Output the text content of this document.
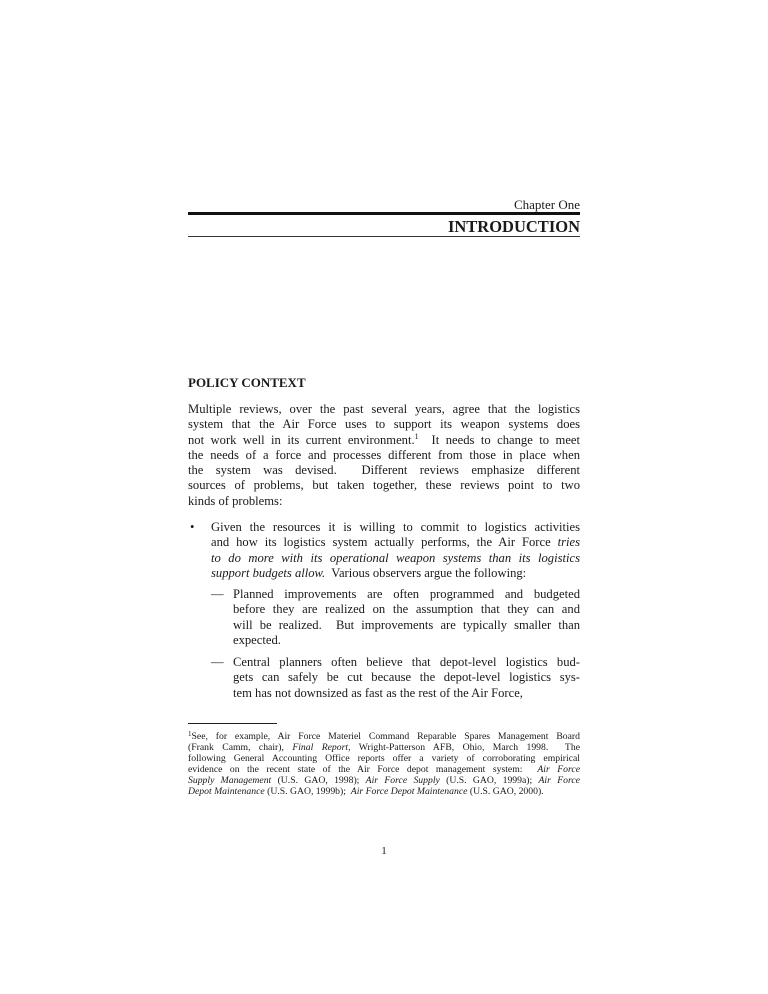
Chapter One
INTRODUCTION
POLICY CONTEXT
Multiple reviews, over the past several years, agree that the logistics
system that the Air Force uses to support its weapon systems does
not work well in its current environment.$^1$  It needs to change to meet
the needs of a force and processes different from those in place when
the system was devised.  Different reviews emphasize different
sources of problems, but taken together, these reviews point to two
kinds of problems:
• Given the resources it is willing to commit to logistics activities
and how its logistics system actually performs, the Air Force tries
to do more with its operational weapon systems than its logistics
support budgets allow.  Various observers argue the following:
— Planned improvements are often programmed and budgeted
before they are realized on the assumption that they can and
will be realized.  But improvements are typically smaller than
expected.
— Central planners often believe that depot-level logistics bud-
gets can safely be cut because the depot-level logistics sys-
tem has not downsized as fast as the rest of the Air Force,
$^1$See, for example, Air Force Materiel Command Reparable Spares Management Board
(Frank Camm, chair), Final Report, Wright-Patterson AFB, Ohio, March 1998.  The
following General Accounting Office reports offer a variety of corroborating empirical
evidence on the recent state of the Air Force depot management system:  Air Force
Supply Management (U.S. GAO, 1998); Air Force Supply (U.S. GAO, 1999a); Air Force
Depot Maintenance (U.S. GAO, 1999b);  Air Force Depot Maintenance (U.S. GAO, 2000).
1
